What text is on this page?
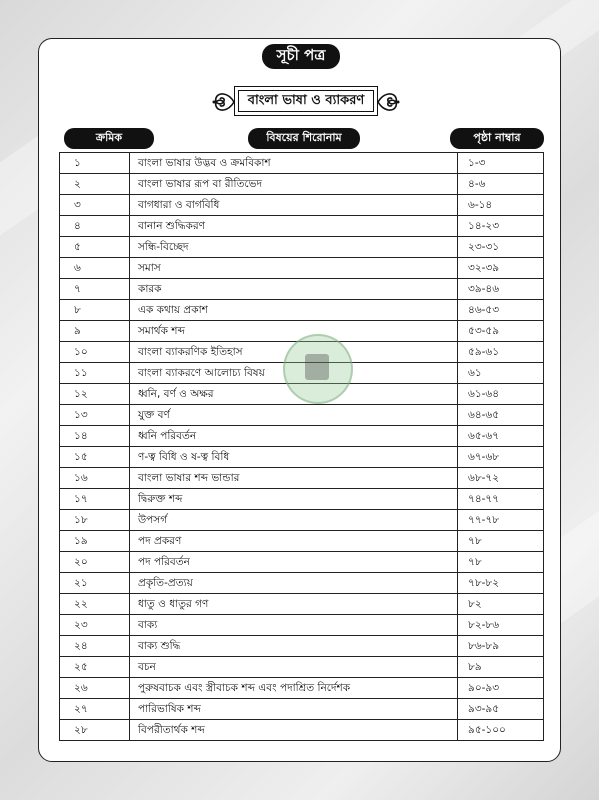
সূচী পত্র
বাংলা ভাষা ও ব্যাকরণ
ক্রমিক	বিষয়ের শিরোনাম	পৃষ্ঠা নাম্বার
১	বাংলা ভাষার উদ্ভব ও ক্রমবিকাশ	১-৩
২	বাংলা ভাষার রূপ বা রীতিভেদ	৪-৬
৩	বাগধারা ও বাগবিধি	৬-১৪
৪	বানান শুদ্ধিকরণ	১৪-২৩
৫	সন্ধি-বিচ্ছেদ	২৩-৩১
৬	সমাস	৩২-৩৯
৭	কারক	৩৯-৪৬
৮	এক কথায় প্রকাশ	৪৬-৫৩
৯	সমার্থক শব্দ	৫৩-৫৯
১০	বাংলা ব্যাকরণিক ইতিহাস	৫৯-৬১
১১	বাংলা ব্যাকরণে আলোচ্য বিষয়	৬১
১২	ধ্বনি, বর্ণ ও অক্ষর	৬১-৬৪
১৩	যুক্ত বর্ণ	৬৪-৬৫
১৪	ধ্বনি পরিবর্তন	৬৫-৬৭
১৫	ণ-ত্ব বিধি ও ষ-ত্ব বিধি	৬৭-৬৮
১৬	বাংলা ভাষার শব্দ ভান্ডার	৬৮-৭২
১৭	দ্বিরুক্ত শব্দ	৭৪-৭৭
১৮	উপসর্গ	৭৭-৭৮
১৯	পদ প্রকরণ	৭৮
২০	পদ পরিবর্তন	৭৮
২১	প্রকৃতি-প্রত্যয়	৭৮-৮২
২২	ধাতু ও ধাতুর গণ	৮২
২৩	বাক্য	৮২-৮৬
২৪	বাক্য শুদ্ধি	৮৬-৮৯
২৫	বচন	৮৯
২৬	পুরুষবাচক এবং স্ত্রীবাচক শব্দ এবং পদাশ্রিত নির্দেশক	৯০-৯৩
২৭	পারিভাষিক শব্দ	৯৩-৯৫
২৮	বিপরীতার্থক শব্দ	৯৫-১০০
